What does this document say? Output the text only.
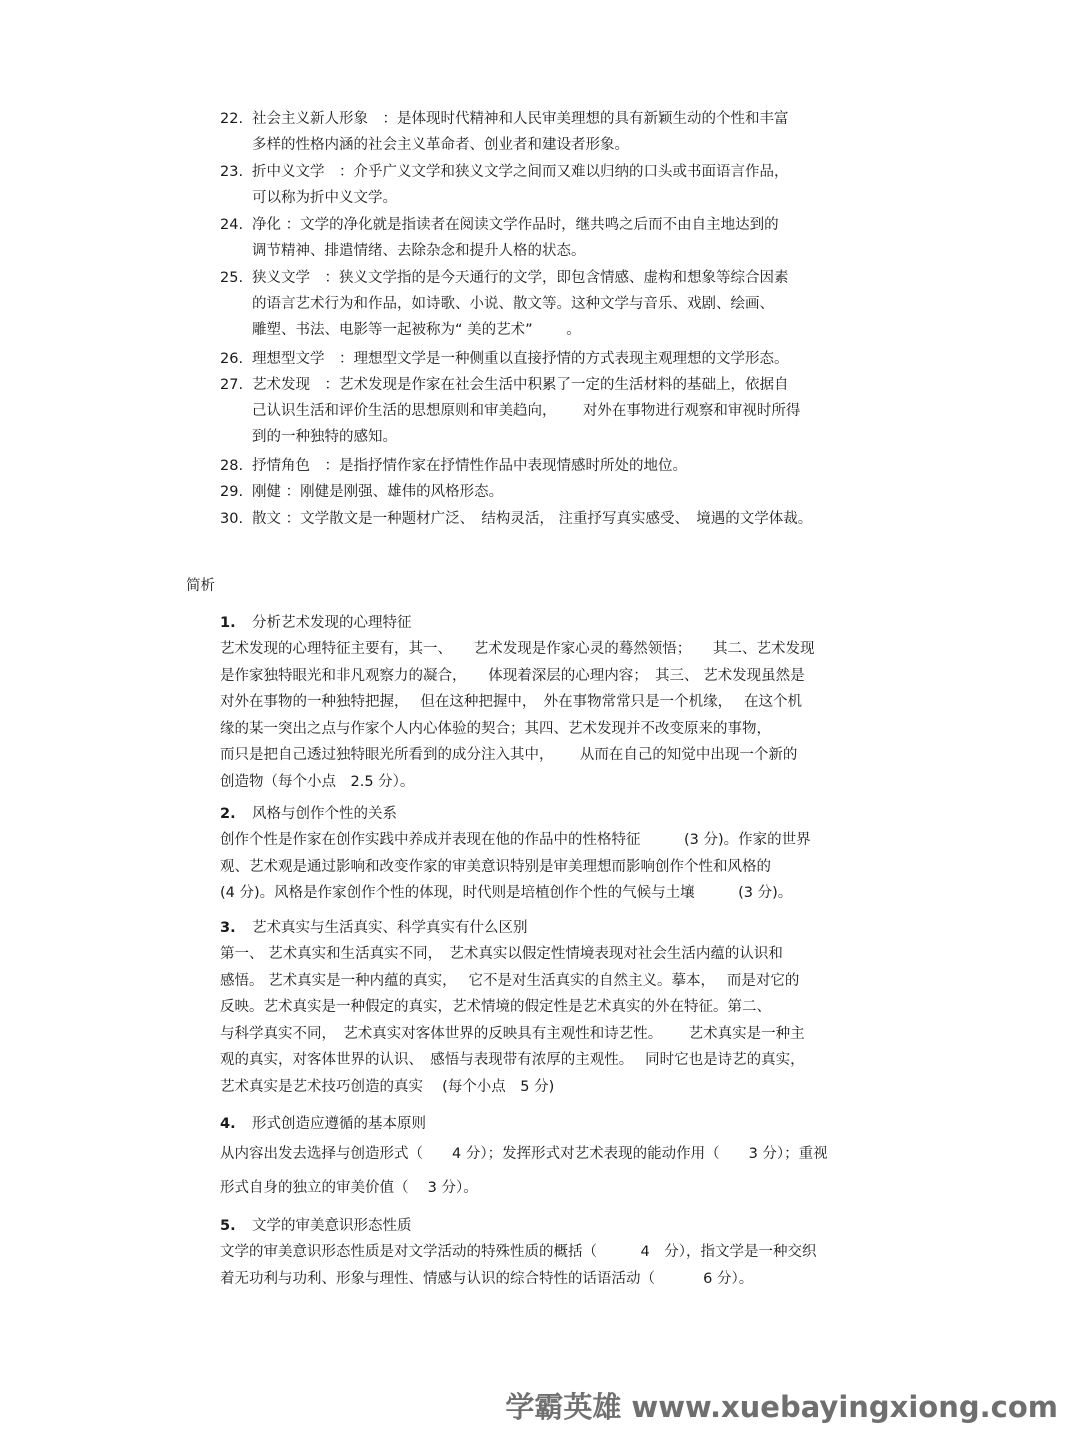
22. 社会主义新人形象　：是体现时代精神和人民审美理想的具有新颖生动的个性和丰富
多样的性格内涵的社会主义革命者、创业者和建设者形象。
23. 折中义文学　：介乎广义文学和狭义文学之间而又难以归纳的口头或书面语言作品，
可以称为折中义文学。
24. 净化 ：文学的净化就是指读者在阅读文学作品时，继共鸣之后而不由自主地达到的
调节精神、排遣情绪、去除杂念和提升人格的状态。
25. 狭义文学　：狭义文学指的是今天通行的文学，即包含情感、虚构和想象等综合因素
的语言艺术行为和作品，如诗歌、小说、散文等。这种文学与音乐、戏剧、绘画、
雕塑、书法、电影等一起被称为“ 美的艺术”　　 。
26. 理想型文学　：理想型文学是一种侧重以直接抒情的方式表现主观理想的文学形态。
27. 艺术发现　：艺术发现是作家在社会生活中积累了一定的生活材料的基础上，依据自
己认识生活和评价生活的思想原则和审美趋向，　　 对外在事物进行观察和审视时所得
到的一种独特的感知。
28. 抒情角色　：是指抒情作家在抒情性作品中表现情感时所处的地位。
29. 刚健 ：刚健是刚强、雄伟的风格形态。
30. 散文 ：文学散文是一种题材广泛、　结构灵活， 注重抒写真实感受、　境遇的文学体裁。
简析
1. 分析艺术发现的心理特征
艺术发现的心理特征主要有，其一、　　艺术发现是作家心灵的蓦然领悟；　　其二、艺术发现
是作家独特眼光和非凡观察力的凝合，　　体现着深层的心理内容；　其三、 艺术发现虽然是
对外在事物的一种独特把握，　 但在这种把握中，　外在事物常常只是一个机缘，　 在这个机
缘的某一突出之点与作家个人内心体验的契合；其四、艺术发现并不改变原来的事物，
而只是把自己透过独特眼光所看到的成分注入其中，　　 从而在自己的知觉中出现一个新的
创造物（每个小点　2.5 分）。
2. 风格与创作个性的关系
创作个性是作家在创作实践中养成并表现在他的作品中的性格特征　　　(3 分)。作家的世界
观、艺术观是通过影响和改变作家的审美意识特别是审美理想而影响创作个性和风格的
(4 分)。风格是作家创作个性的体现，时代则是培植创作个性的气候与土壤　　　(3 分)。
3. 艺术真实与生活真实、科学真实有什么区别
第一、 艺术真实和生活真实不同，　艺术真实以假定性情境表现对社会生活内蕴的认识和
感悟。 艺术真实是一种内蕴的真实，　 它不是对生活真实的自然主义。摹本，　 而是对它的
反映。艺术真实是一种假定的真实，艺术情境的假定性是艺术真实的外在特征。第二、
与科学真实不同，　艺术真实对客体世界的反映具有主观性和诗艺性。　　 艺术真实是一种主
观的真实，对客体世界的认识、　感悟与表现带有浓厚的主观性。　 同时它也是诗艺的真实，
艺术真实是艺术技巧创造的真实　 (每个小点　5 分)
4. 形式创造应遵循的基本原则
从内容出发去选择与创造形式（　　4 分）；发挥形式对艺术表现的能动作用（　　3 分）；重视
形式自身的独立的审美价值（　 3 分）。
5. 文学的审美意识形态性质
文学的审美意识形态性质是对文学活动的特殊性质的概括（　　　4　分），指文学是一种交织
着无功利与功利、形象与理性、情感与认识的综合特性的话语活动（　　　 6 分）。
学霸英雄 www.xuebayingxiong.com
